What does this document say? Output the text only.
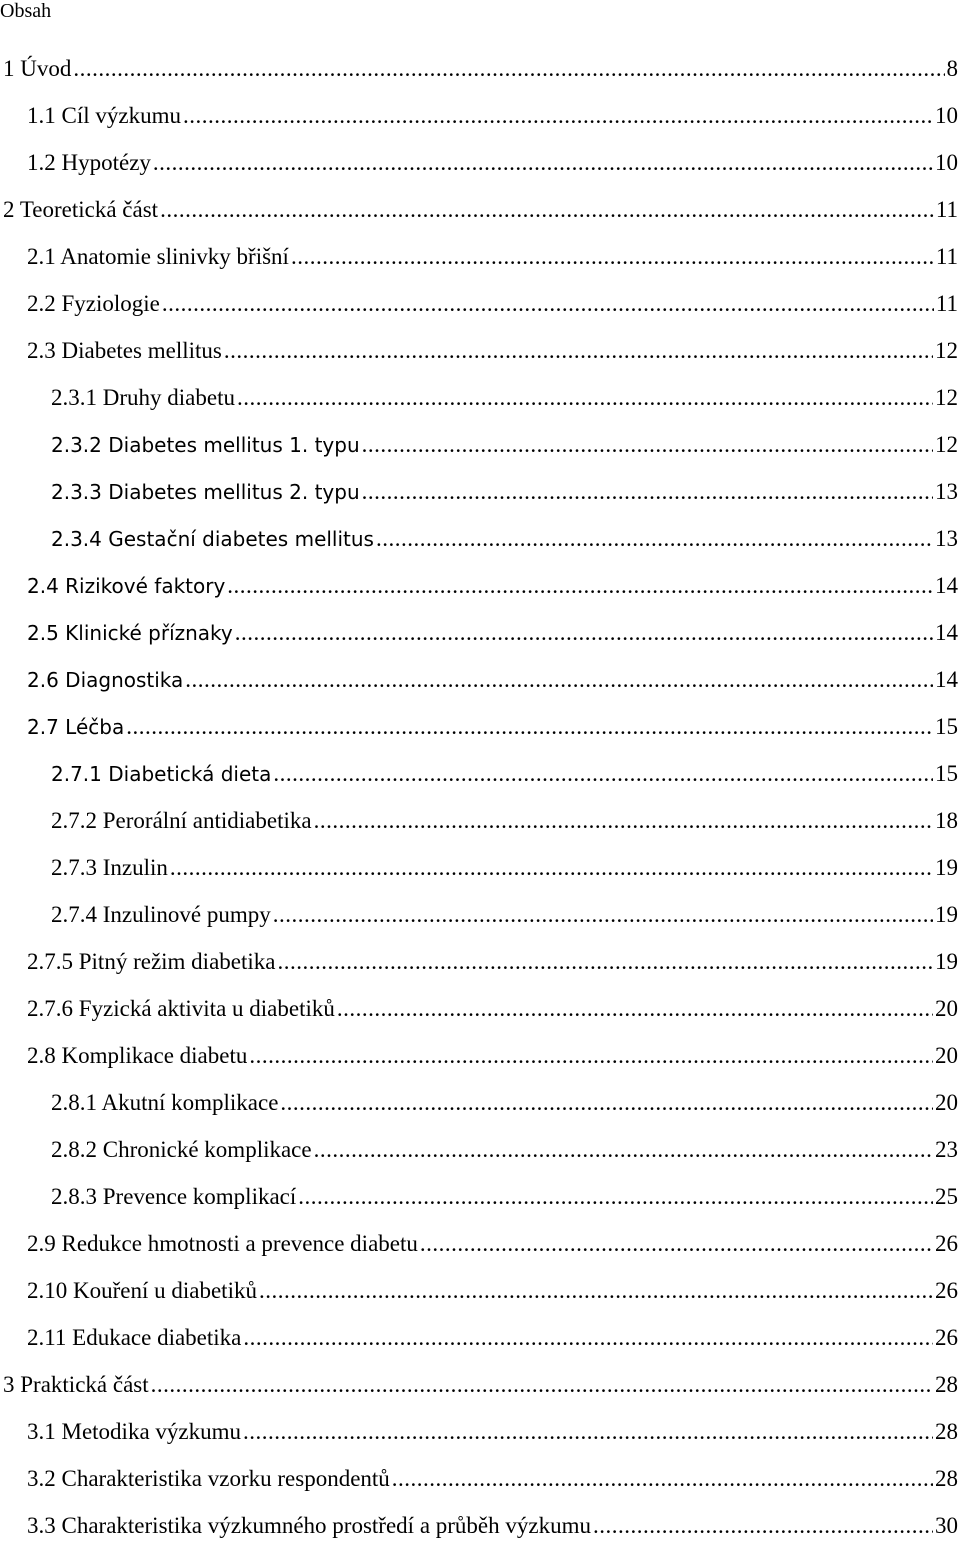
Obsah
1 Úvod .....	8
1.1 Cíl výzkumu .....	10
1.2 Hypotézy .....	10
2 Teoretická část .....	11
2.1 Anatomie slinivky břišní .....	11
2.2 Fyziologie .....	11
2.3 Diabetes mellitus .....	12
2.3.1 Druhy diabetu .....	12
2.3.2 Diabetes mellitus 1. typu .....	12
2.3.3 Diabetes mellitus 2. typu .....	13
2.3.4 Gestační diabetes mellitus .....	13
2.4 Rizikové faktory .....	14
2.5 Klinické příznaky .....	14
2.6 Diagnostika .....	14
2.7 Léčba .....	15
2.7.1 Diabetická dieta .....	15
2.7.2 Perorální antidiabetika .....	18
2.7.3 Inzulin .....	19
2.7.4 Inzulinové pumpy .....	19
2.7.5 Pitný režim diabetika .....	19
2.7.6 Fyzická aktivita u diabetiků .....	20
2.8 Komplikace diabetu .....	20
2.8.1 Akutní komplikace .....	20
2.8.2 Chronické komplikace .....	23
2.8.3 Prevence komplikací .....	25
2.9 Redukce hmotnosti a prevence diabetu .....	26
2.10 Kouření u diabetiků .....	26
2.11 Edukace diabetika .....	26
3 Praktická část .....	28
3.1 Metodika výzkumu .....	28
3.2 Charakteristika vzorku respondentů .....	28
3.3 Charakteristika výzkumného prostředí a průběh výzkumu .....	30
